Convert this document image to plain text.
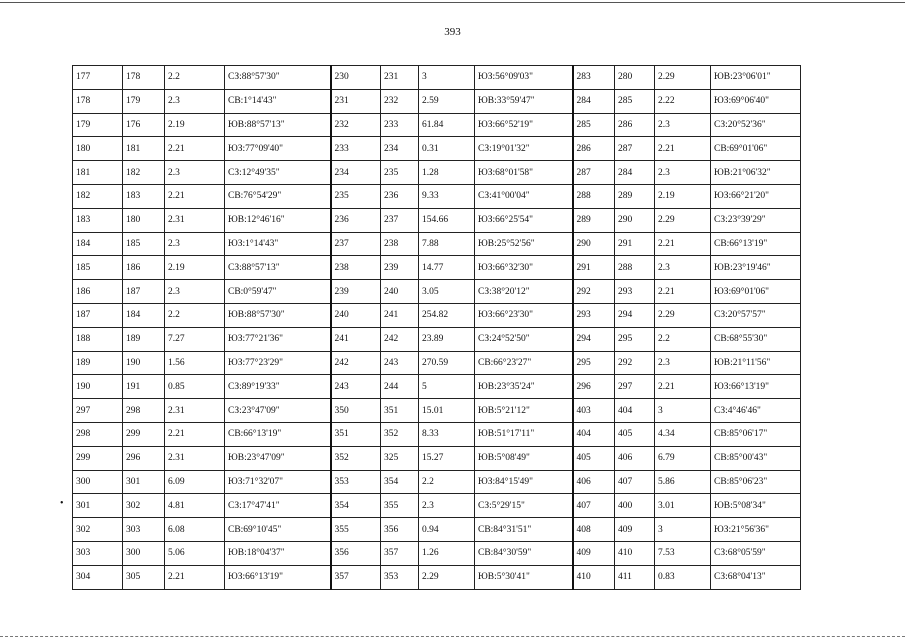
393
•
177	178	2.2	СЗ:88°57'30"	230	231	3	ЮЗ:56°09'03"	283	280	2.29	ЮВ:23°06'01"
178	179	2.3	СВ:1°14'43"	231	232	2.59	ЮВ:33°59'47"	284	285	2.22	ЮЗ:69°06'40"
179	176	2.19	ЮВ:88°57'13"	232	233	61.84	ЮЗ:66°52'19"	285	286	2.3	СЗ:20°52'36"
180	181	2.21	ЮЗ:77°09'40"	233	234	0.31	СЗ:19°01'32"	286	287	2.21	СВ:69°01'06"
181	182	2.3	СЗ:12°49'35"	234	235	1.28	ЮЗ:68°01'58"	287	284	2.3	ЮВ:21°06'32"
182	183	2.21	СВ:76°54'29"	235	236	9.33	СЗ:41°00'04"	288	289	2.19	ЮЗ:66°21'20"
183	180	2.31	ЮВ:12°46'16"	236	237	154.66	ЮЗ:66°25'54"	289	290	2.29	СЗ:23°39'29"
184	185	2.3	ЮЗ:1°14'43"	237	238	7.88	ЮВ:25°52'56"	290	291	2.21	СВ:66°13'19"
185	186	2.19	СЗ:88°57'13"	238	239	14.77	ЮЗ:66°32'30"	291	288	2.3	ЮВ:23°19'46"
186	187	2.3	СВ:0°59'47"	239	240	3.05	СЗ:38°20'12"	292	293	2.21	ЮЗ:69°01'06"
187	184	2.2	ЮВ:88°57'30"	240	241	254.82	ЮЗ:66°23'30"	293	294	2.29	СЗ:20°57'57"
188	189	7.27	ЮЗ:77°21'36"	241	242	23.89	СЗ:24°52'50"	294	295	2.2	СВ:68°55'30"
189	190	1.56	ЮЗ:77°23'29"	242	243	270.59	СВ:66°23'27"	295	292	2.3	ЮВ:21°11'56"
190	191	0.85	СЗ:89°19'33"	243	244	5	ЮВ:23°35'24"	296	297	2.21	ЮЗ:66°13'19"
297	298	2.31	СЗ:23°47'09"	350	351	15.01	ЮВ:5°21'12"	403	404	3	СЗ:4°46'46"
298	299	2.21	СВ:66°13'19"	351	352	8.33	ЮВ:51°17'11"	404	405	4.34	СВ:85°06'17"
299	296	2.31	ЮВ:23°47'09"	352	325	15.27	ЮВ:5°08'49"	405	406	6.79	СВ:85°00'43"
300	301	6.09	ЮЗ:71°32'07"	353	354	2.2	ЮЗ:84°15'49"	406	407	5.86	СВ:85°06'23"
301	302	4.81	СЗ:17°47'41"	354	355	2.3	СЗ:5°29'15"	407	400	3.01	ЮВ:5°08'34"
302	303	6.08	СВ:69°10'45"	355	356	0.94	СВ:84°31'51"	408	409	3	ЮЗ:21°56'36"
303	300	5.06	ЮВ:18°04'37"	356	357	1.26	СВ:84°30'59"	409	410	7.53	СЗ:68°05'59"
304	305	2.21	ЮЗ:66°13'19"	357	353	2.29	ЮВ:5°30'41"	410	411	0.83	СЗ:68°04'13"
